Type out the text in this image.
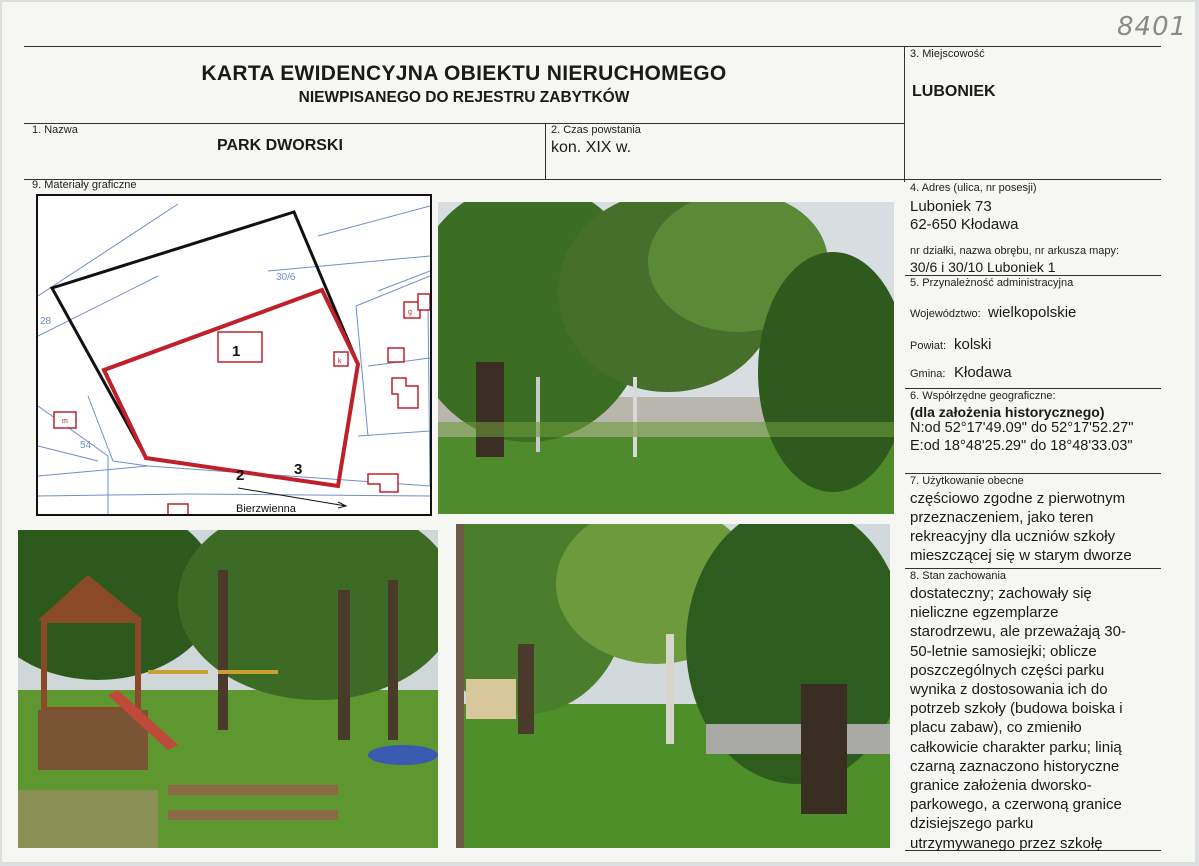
8401
KARTA EWIDENCYJNA OBIEKTU NIERUCHOMEGO
NIEWPISANEGO DO REJESTRU ZABYTKÓW
3. Miejscowość
LUBONIEK
1. Nazwa
PARK DWORSKI
2. Czas powstania
kon. XIX w.
9. Materiały graficzne	4. Adres (ulica, nr posesji)
Luboniek 73
62-650 Kłodawa
nr działki, nazwa obrębu, nr arkusza mapy:
30/6 i 30/10 Luboniek 1
5. Przynależność administracyjna
Województwo: wielkopolskie
Powiat: kolski
Gmina: Kłodawa
6. Współrzędne geograficzne:
(dla założenia historycznego)
N:od 52°17'49.09" do 52°17'52.27"
E:od 18°48'25.29" do 18°48'33.03"
7. Użytkowanie obecne
częściowo zgodne z pierwotnym
przeznaczeniem, jako teren
rekreacyjny dla uczniów szkoły
mieszczącej się w starym dworze
8. Stan zachowania
dostateczny; zachowały się
nieliczne egzemplarze
starodrzewu, ale przeważają 30-
50-letnie samosiejki; oblicze
poszczególnych części parku
wynika z dostosowania ich do
potrzeb szkoły (budowa boiska i
placu zabaw), co zmieniło
całkowicie charakter parku; linią
czarną zaznaczono historyczne
granice założenia dworsko-
parkowego, a czerwoną granice
dzisiejszego parku
utrzymywanego przez szkołę
30/6
28
54
k
g
m
1
2	3
Bierzwienna
